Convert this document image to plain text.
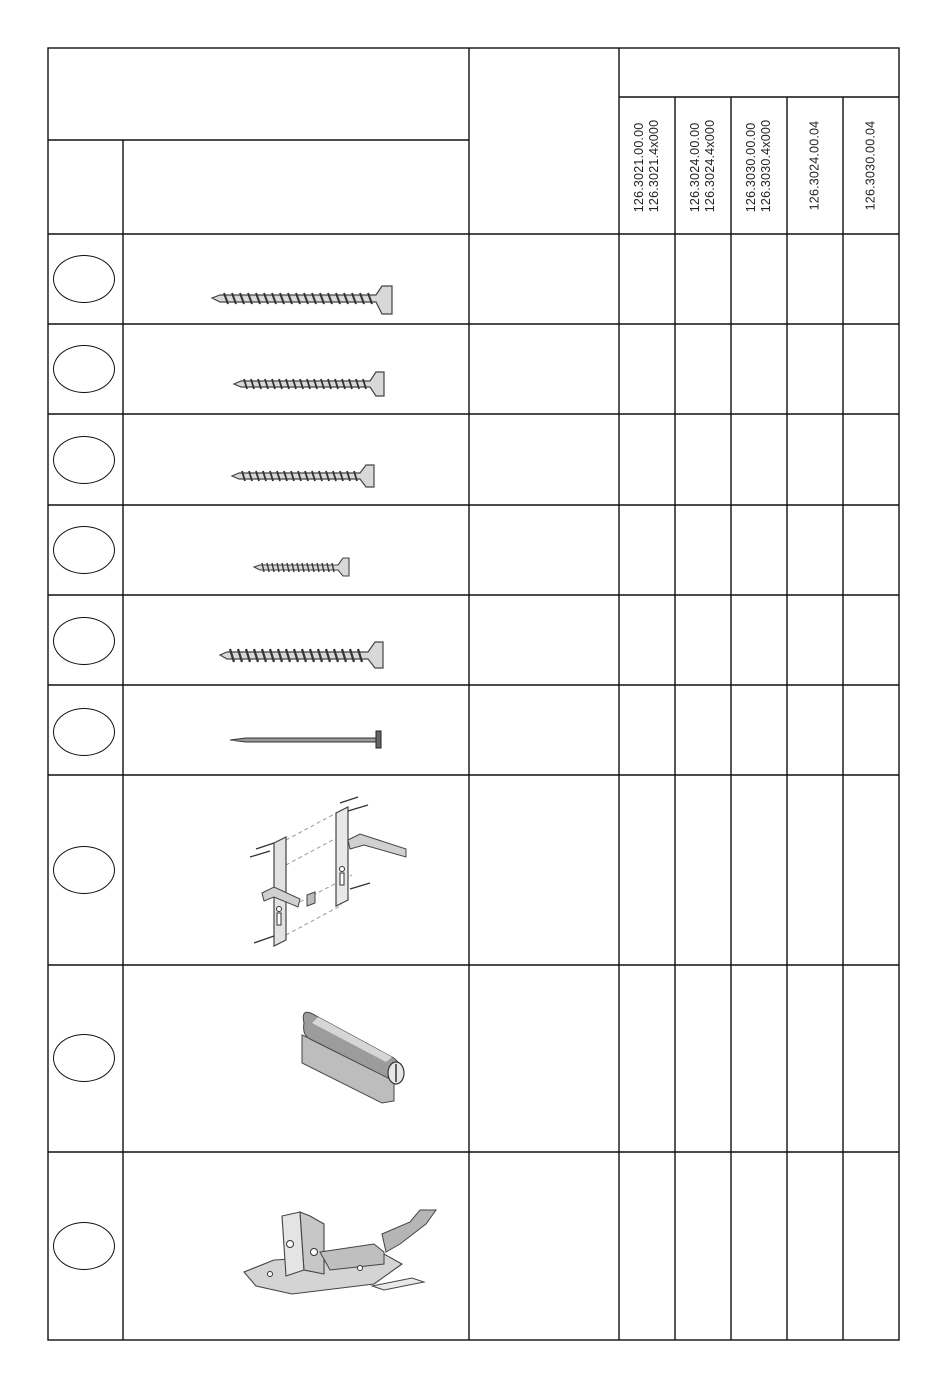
126.3021.00.00 126.3021.4x000 126.3024.00.00 126.3024.4x000 126.3030.00.00 126.3030.4x000	126.3024.00.04	126.3030.00.04
